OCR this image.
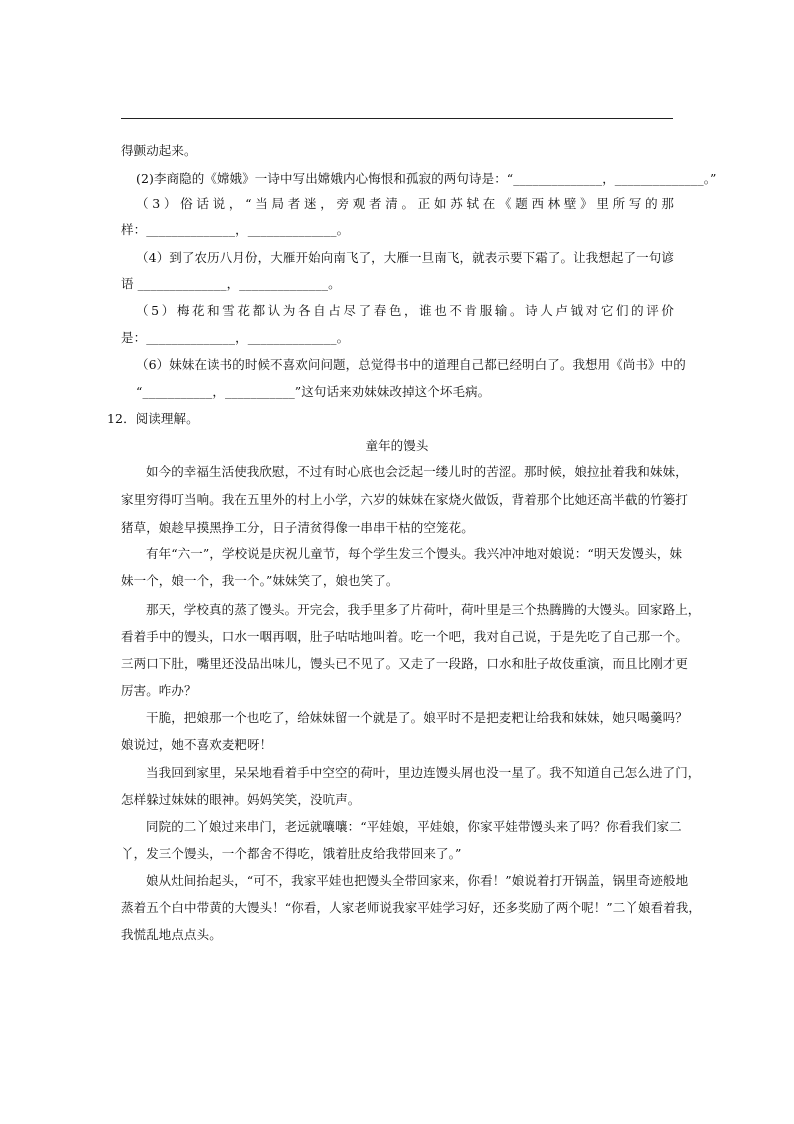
得颤动起来。
(2)李商隐的《嫦娥》一诗中写出嫦娥内心悔恨和孤寂的两句诗是：“______________，______________。”
（3）俗话说，“当局者迷，旁观者清。正如苏轼在《题西林壁》里所写的那
样：______________，______________。
（4）到了农历八月份，大雁开始向南飞了，大雁一旦南飞，就表示要下霜了。让我想起了一句谚
语 ______________，______________。
（5）梅花和雪花都认为各自占尽了春色，谁也不肯服输。诗人卢钺对它们的评价
是：______________，______________。
（6）妹妹在读书的时候不喜欢问问题，总觉得书中的道理自己都已经明白了。我想用《尚书》中的
“___________，___________”这句话来劝妹妹改掉这个坏毛病。
12．阅读理解。
童年的馒头
如今的幸福生活使我欣慰，不过有时心底也会泛起一缕儿时的苦涩。那时候，娘拉扯着我和妹妹，
家里穷得叮当响。我在五里外的村上小学，六岁的妹妹在家烧火做饭，背着那个比她还高半截的竹篓打
猪草，娘趁早摸黑挣工分，日子清贫得像一串串干枯的空笼花。
有年“六一”，学校说是庆祝儿童节，每个学生发三个馒头。我兴冲冲地对娘说：“明天发馒头，妹
妹一个，娘一个，我一个。”妹妹笑了，娘也笑了。
那天，学校真的蒸了馒头。开完会，我手里多了片荷叶，荷叶里是三个热腾腾的大馒头。回家路上，
看着手中的馒头，口水一咽再咽，肚子咕咕地叫着。吃一个吧，我对自己说，于是先吃了自己那一个。
三两口下肚，嘴里还没品出味儿，馒头已不见了。又走了一段路，口水和肚子故伎重演，而且比刚才更
厉害。咋办？
干脆，把娘那一个也吃了，给妹妹留一个就是了。娘平时不是把麦粑让给我和妹妹，她只喝羹吗？
娘说过，她不喜欢麦粑呀！
当我回到家里，呆呆地看着手中空空的荷叶，里边连馒头屑也没一星了。我不知道自己怎么进了门，
怎样躲过妹妹的眼神。妈妈笑笑，没吭声。
同院的二丫娘过来串门，老远就嚷嚷：“平娃娘，平娃娘，你家平娃带馒头来了吗？你看我们家二
丫，发三个馒头，一个都舍不得吃，饿着肚皮给我带回来了。”
娘从灶间抬起头，“可不，我家平娃也把馒头全带回家来，你看！”娘说着打开锅盖，锅里奇迹般地
蒸着五个白中带黄的大馒头！“你看，人家老师说我家平娃学习好，还多奖励了两个呢！”二丫娘看着我，
我慌乱地点点头。
